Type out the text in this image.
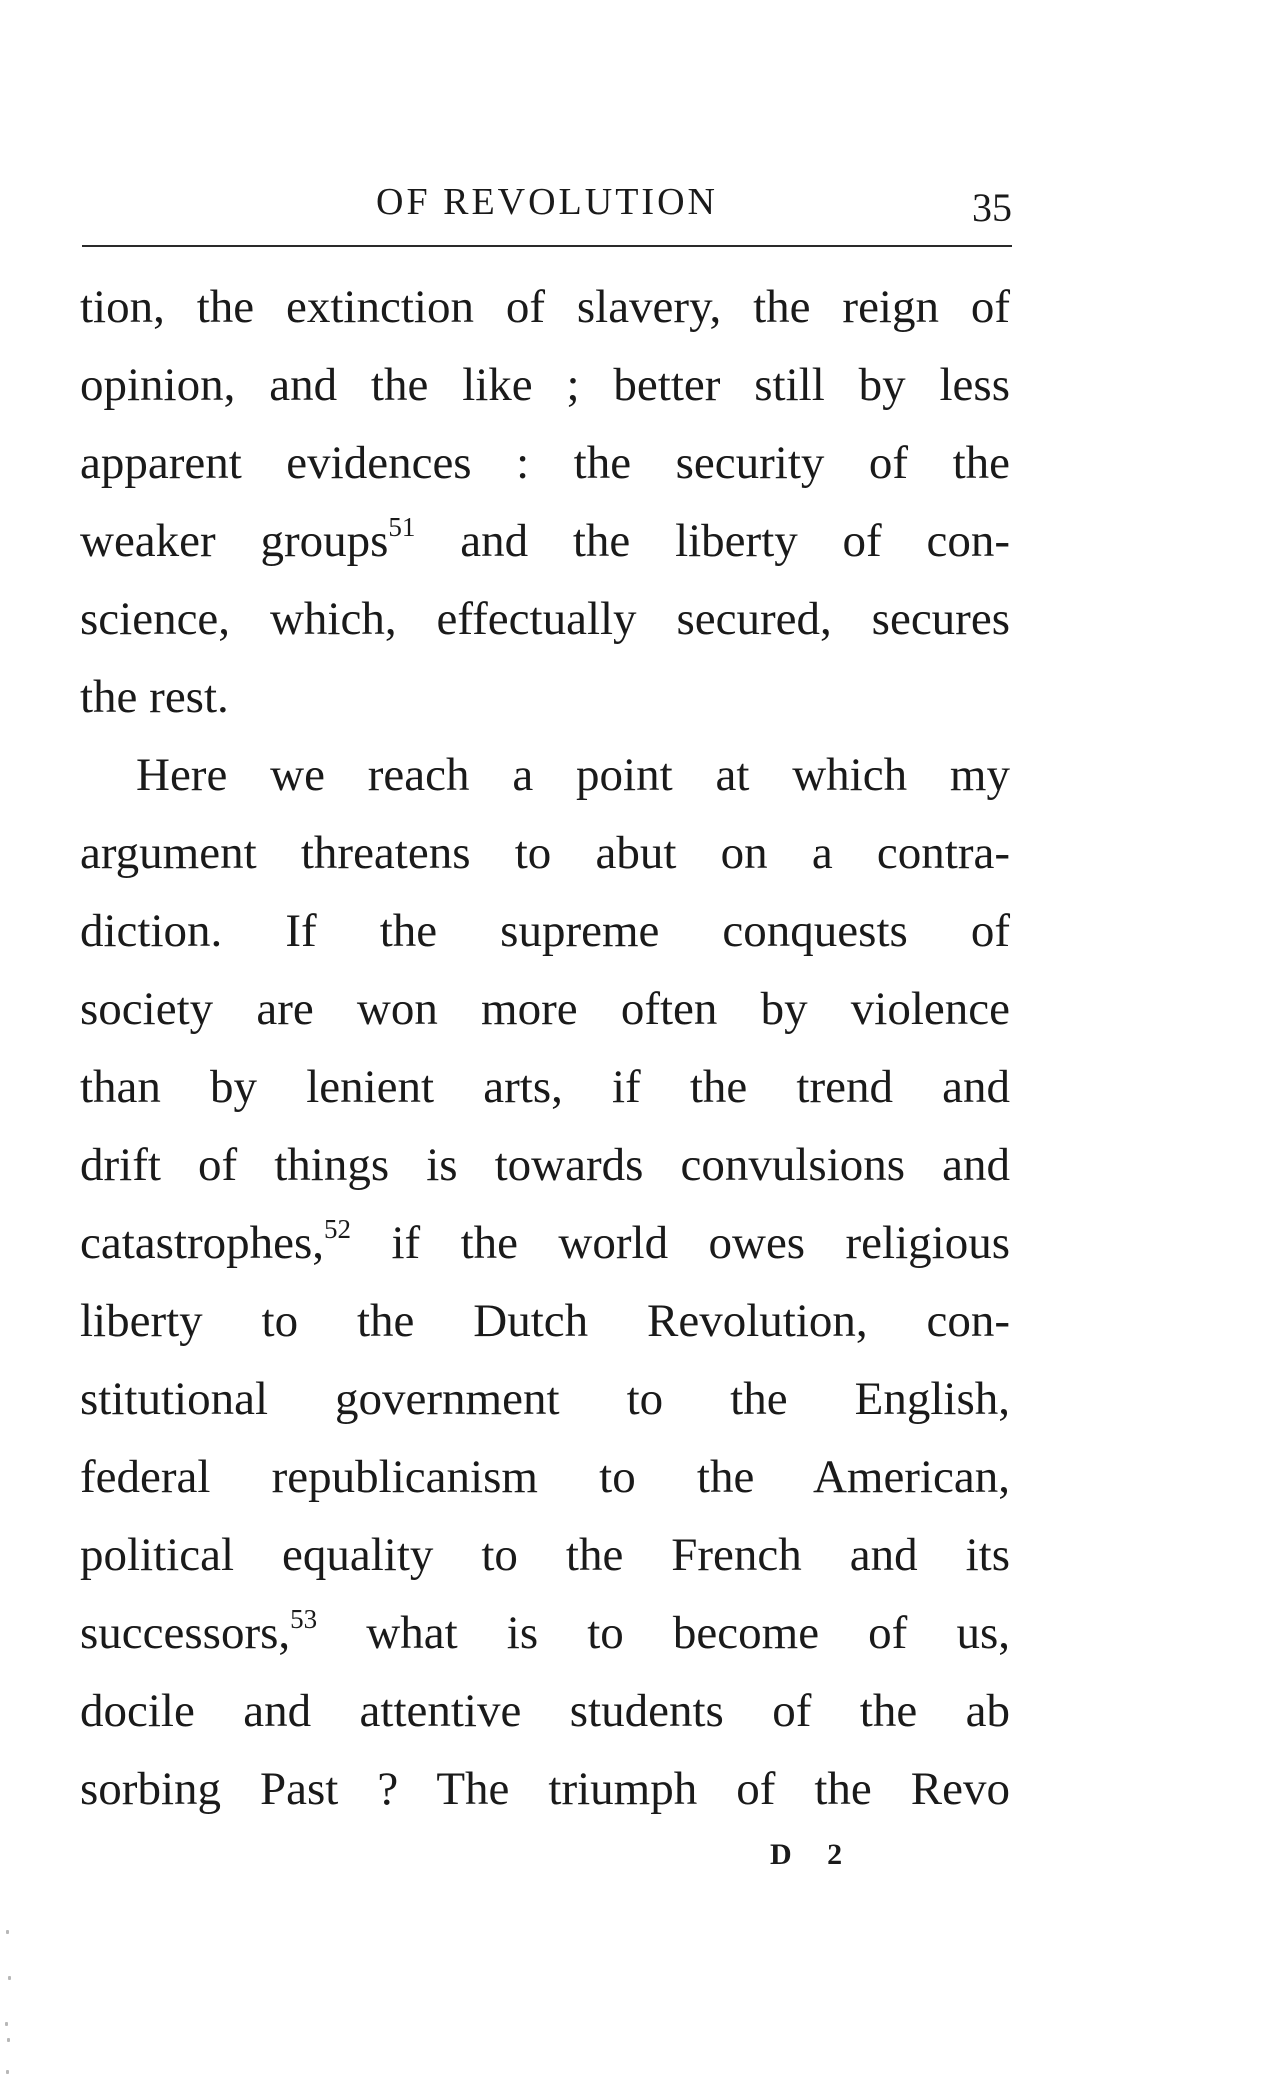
OF REVOLUTION	35
tion, the extinction of slavery, the reign of
opinion, and the like ; better still by less
apparent evidences : the security of the
weaker groups$^{51}$ and the liberty of con-
science, which, effectually secured, secures
the rest.
Here we reach a point at which my
argument threatens to abut on a contra-
diction. If the supreme conquests of
society are won more often by violence
than by lenient arts, if the trend and
drift of things is towards convulsions and
catastrophes,$^{52}$ if the world owes religious
liberty to the Dutch Revolution, con-
stitutional government to the English,
federal republicanism to the American,
political equality to the French and its
successors,$^{53}$ what is to become of us,
docile and attentive students of the ab
sorbing Past ? The triumph of the Revo
D 2
